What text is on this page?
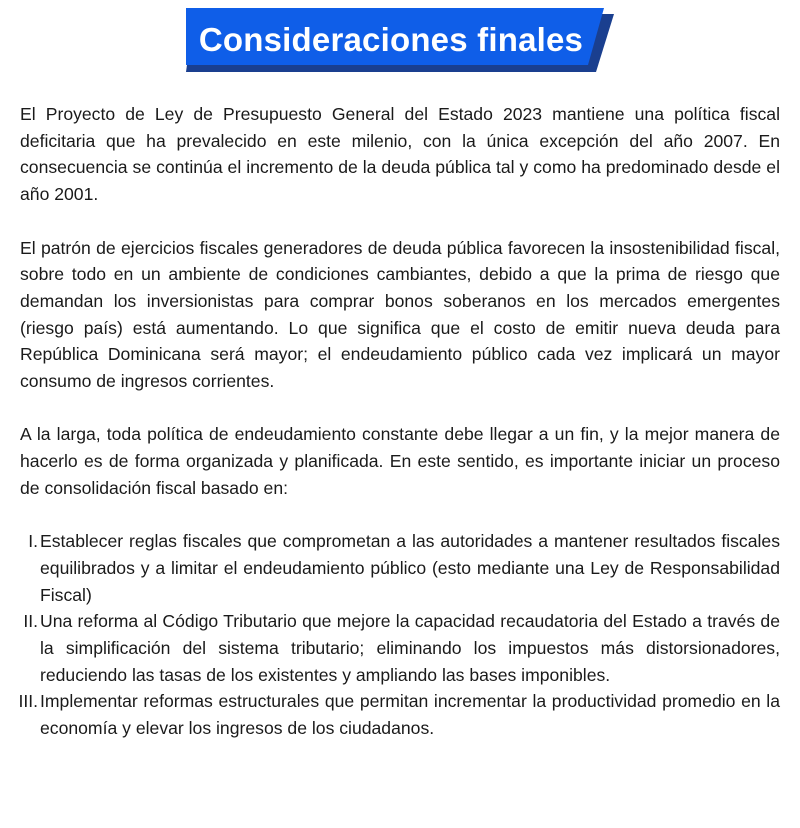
Consideraciones finales

El Proyecto de Ley de Presupuesto General del Estado 2023 mantiene una política fiscal deficitaria que ha prevalecido en este milenio, con la única excepción del año 2007. En consecuencia se continúa el incremento de la deuda pública tal y como ha predominado desde el año 2001.

El patrón de ejercicios fiscales generadores de deuda pública favorecen la insostenibilidad fiscal, sobre todo en un ambiente de condiciones cambiantes, debido a que la prima de riesgo que demandan los inversionistas para comprar bonos soberanos en los mercados emergentes (riesgo país) está aumentando. Lo que significa que el costo de emitir nueva deuda para República Dominicana será mayor; el endeudamiento público cada vez implicará un mayor consumo de ingresos corrientes.

A la larga, toda política de endeudamiento constante debe llegar a un fin, y la mejor manera de hacerlo es de forma organizada y planificada. En este sentido, es importante iniciar un proceso de consolidación fiscal basado en:

I. Establecer reglas fiscales que comprometan a las autoridades a mantener resultados fiscales equilibrados y a limitar el endeudamiento público (esto mediante una Ley de Responsabilidad Fiscal)
II. Una reforma al Código Tributario que mejore la capacidad recaudatoria del Estado a través de la simplificación del sistema tributario; eliminando los impuestos más distorsionadores, reduciendo las tasas de los existentes y ampliando las bases imponibles.
III. Implementar reformas estructurales que permitan incrementar la productividad promedio en la economía y elevar los ingresos de los ciudadanos.
